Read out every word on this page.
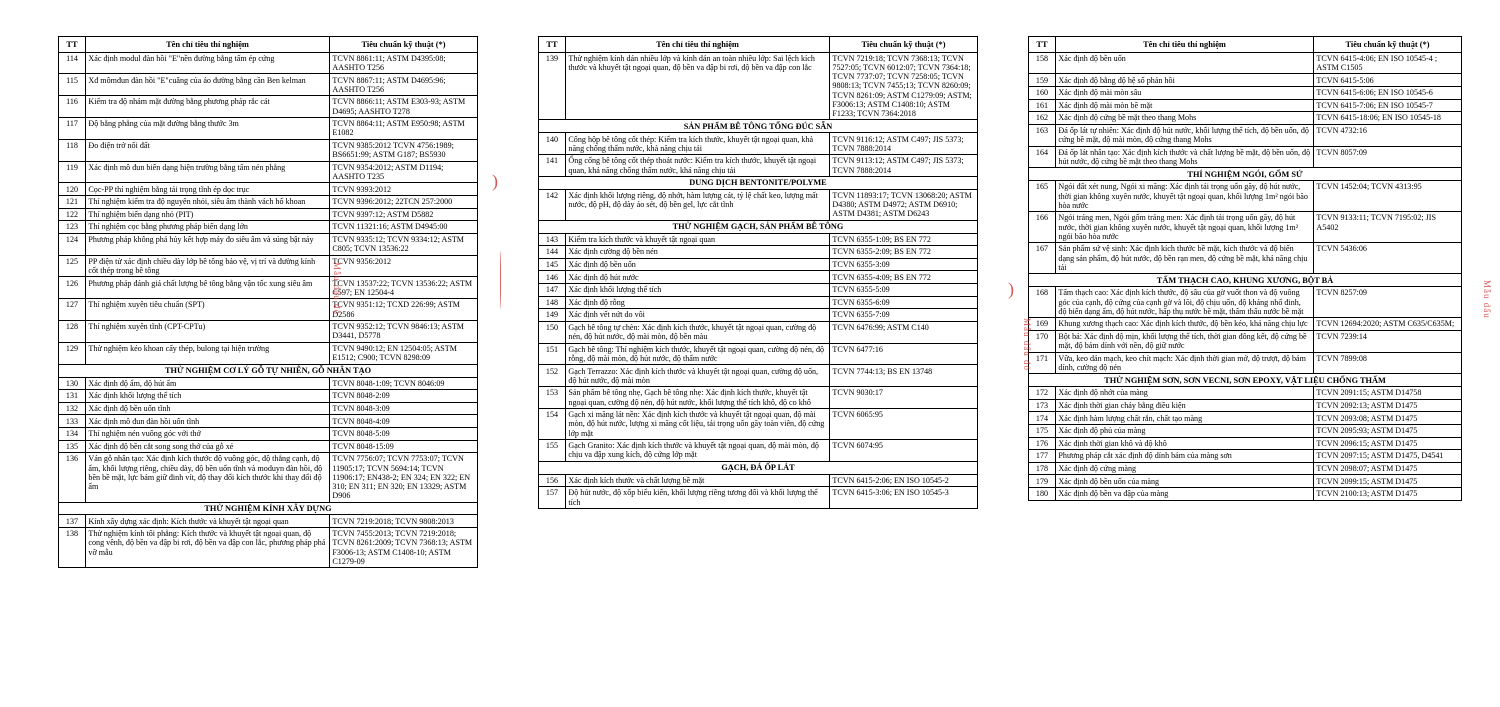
TT	Tên chỉ tiêu thí nghiệm	Tiêu chuẩn kỹ thuật (*)
114	Xác định modul đàn hồi "E"nền đường bằng tấm ép cứng	TCVN 8861:11; ASTM D4395:08; AASHTO T256
115	Xđ mômđun đàn hồi "E"cuǎng của áo đường bằng cần Ben kelman	TCVN 8867:11; ASTM D4695:96; AASHTO T256
116	Kiểm tra độ nhám mặt đường bằng phương pháp rắc cát	TCVN 8866:11; ASTM E303-93; ASTM D4695; AASHTO T278
117	Độ bằng phẳng của mặt đường bằng thước 3m	TCVN 8864:11; ASTM E950:98; ASTM E1082
118	Đo điện trở nối đất	TCVN 9385:2012 TCVN 4756:1989; BS6651:99; ASTM G187; BS5930
119	Xác định mô đun biến dạng hiện trường bằng tấm nén phẳng	TCVN 9354:2012; ASTM D1194; AASHTO T235
120	Cọc-PP thí nghiệm bằng tải trọng tĩnh ép dọc trục	TCVN 9393:2012
121	Thí nghiệm kiểm tra độ nguyên nhỏi, siêu âm thành vách hố khoan	TCVN 9396:2012; 22TCN 257:2000
122	Thí nghiệm biến dạng nhỏ (PIT)	TCVN 9397:12; ASTM D5882
123	Thí nghiệm cọc bằng phương pháp biến dạng lớn	TCVN 11321:16; ASTM D4945:00
124	Phương pháp không phá hủy kết hợp máy đo siêu âm và súng bật nảy	TCVN 9335:12; TCVN 9334:12; ASTM C805; TCVN 13536:22
125	PP điện tử xác định chiều dày lớp bê tông bảo vệ, vị trí và đường kính cốt thép trong bê tông	TCVN 9356:2012
126	Phương pháp đánh giá chất lượng bê tông bằng vận tốc xung siêu âm	TCVN 13537:22; TCVN 13536:22; ASTM C597; EN 12504-4
127	Thí nghiệm xuyên tiêu chuẩn (SPT)	TCVN 9351:12; TCXD 226:99; ASTM D2586
128	Thí nghiệm xuyên tĩnh (CPT-CPTu)	TCVN 9352:12; TCVN 9846:13; ASTM D3441, D5778
129	Thử nghiệm kéo khoan cấy thép, bulong tại hiện trường	TCVN 9490:12; EN 12504:05; ASTM E1512; C900; TCVN 8298:09
THỬ NGHIỆM CƠ LÝ GỖ TỰ NHIÊN, GỖ NHÂN TẠO		
130	Xác định độ ẩm, độ hút ẩm	TCVN 8048-1:09; TCVN 8046:09
131	Xác định khối lượng thể tích	TCVN 8048-2:09
132	Xác định độ bền uốn tĩnh	TCVN 8048-3:09
133	Xác định mô đun đàn hồi uốn tĩnh	TCVN 8048-4:09
134	Thí nghiệm nén vuông góc với thớ	TCVN 8048-5:09
135	Xác định độ bền cắt song song thớ của gỗ xẻ	TCVN 8048-15:09
136	Ván gỗ nhân tạo: Xác định kích thước độ vuông góc, độ thẳng cạnh, độ ẩm, khối lượng riêng, chiều dày, độ bền uốn tĩnh và moduyn đàn hồi, độ bền bề mặt, lực bám giữ đinh vít, độ thay đổi kích thước khi thay đổi độ ẩm	TCVN 7756:07; TCVN 7753:07; TCVN 11905:17; TCVN 5694:14; TCVN 11906:17; EN438-2; EN 324; EN 322; EN 310; EN 311; EN 320; EN 13329; ASTM D906
THỬ NGHIỆM KÍNH XÂY DỰNG		
137	Kính xây dựng xác định: Kích thước và khuyết tật ngoại quan	TCVN 7219:2018; TCVN 9808:2013
138	Thử nghiệm kính tôi phẳng: Kích thước và khuyết tật ngoại quan, độ cong vênh, độ bền va đập bi rơi, độ bền va đập con lắc, phương pháp phá vỡ mẫu	TCVN 7455:2013; TCVN 7219:2018; TCVN 8261:2009; TCVN 7368:13; ASTM F3006-13; ASTM C1408-10; ASTM C1279-09
TT	Tên chỉ tiêu thí nghiệm	Tiêu chuẩn kỹ thuật (*)
139	Thử nghiệm kính dán nhiều lớp và kính dán an toàn nhiều lớp: Sai lệch kích thước và khuyết tật ngoại quan, độ bền va đập bi rơi, độ bền va đập con lắc	TCVN 7219:18; TCVN 7368:13; TCVN 7527:05; TCVN 6012:07; TCVN 7364:18; TCVN 7737:07; TCVN 7258:05; TCVN 9808:13; TCVN 7455;13; TCVN 8260:09; TCVN 8261:09; ASTM C1279:09; ASTM; F3006:13; ASTM C1408:10; ASTM F1233; TCVN 7364:2018
SẢN PHẨM BÊ TÔNG TỔNG ĐÚC SẴN		
140	Cống hộp bê tông cốt thép: Kiểm tra kích thước, khuyết tật ngoại quan, khả năng chống thấm nước, khả năng chịu tải	TCVN 9116:12; ASTM C497; JIS 5373; TCVN 7888:2014
141	Ống cống bê tông cốt thép thoát nước: Kiểm tra kích thước, khuyết tật ngoại quan, khả năng chống thấm nước, khả năng chịu tải	TCVN 9113:12; ASTM C497; JIS 5373; TCVN 7888:2014
DUNG DỊCH BENTONITE/POLYME		
142	Xác định khối lượng riêng, độ nhớt, hàm lượng cát, tỷ lệ chất keo, lượng mất nước, độ pH, độ dày áo sét, độ bền gel, lực cắt tĩnh	TCVN 11893:17; TCVN 13068:20; ASTM D4380; ASTM D4972; ASTM D6910; ASTM D4381; ASTM D6243
THỬ NGHIỆM GẠCH, SẢN PHẨM BÊ TÔNG		
143	Kiểm tra kích thước và khuyết tật ngoại quan	TCVN 6355-1:09; BS EN 772
144	Xác định cường độ bền nén	TCVN 6355-2:09; BS EN 772
145	Xác định độ bền uốn	TCVN 6355-3:09
146	Xác định độ hút nước	TCVN 6355-4:09; BS EN 772
147	Xác định khối lượng thể tích	TCVN 6355-5:09
148	Xác định độ rỗng	TCVN 6355-6:09
149	Xác định vết nứt do vôi	TCVN 6355-7:09
150	Gạch bê tông tự chèn: Xác định kích thước, khuyết tật ngoại quan, cường độ nén, độ hút nước, độ mài mòn, độ bền màu	TCVN 6476:99; ASTM C140
151	Gạch bê tông: Thí nghiệm kích thước, khuyết tật ngoại quan, cường độ nén, độ rỗng, độ mài mòn, độ hút nước, độ thấm nước	TCVN 6477:16
152	Gạch Terrazzo: Xác định kích thước và khuyết tật ngoại quan, cường độ uốn, độ hút nước, độ mài mòn	TCVN 7744:13; BS EN 13748
153	Sản phẩm bê tông nhẹ, Gạch bê tông nhẹ: Xác định kích thước, khuyết tật ngoại quan, cường độ nén, độ hút nước, khối lượng thể tích khô, độ co khô	TCVN 9030:17
154	Gạch xi măng lát nền: Xác định kích thước và khuyết tật ngoại quan, độ mài mòn, độ hút nước, lượng xi măng cốt liệu, tải trọng uốn gãy toàn viên, độ cứng lớp mặt	TCVN 6065:95
155	Gạch Granito: Xác định kích thước và khuyết tật ngoại quan, độ mài mòn, độ chịu va đập xung kích, độ cứng lớp mặt	TCVN 6074:95
GẠCH, ĐÁ ỐP LÁT		
156	Xác định kích thước và chất lượng bề mặt	TCVN 6415-2:06; EN ISO 10545-2
157	Độ hút nước, độ xốp biểu kiến, khối lượng riêng tương đối và khối lượng thể tích	TCVN 6415-3:06; EN ISO 10545-3
TT	Tên chỉ tiêu thí nghiệm	Tiêu chuẩn kỹ thuật (*)
158	Xác định độ bền uốn	TCVN 6415-4:06; EN ISO 10545-4 ; ASTM C1505
159	Xác định độ bằng độ hệ số phản hồi	TCVN 6415-5:06
160	Xác định độ mài mòn sâu	TCVN 6415-6:06; EN ISO 10545-6
161	Xác định độ mài mòn bề mặt	TCVN 6415-7:06; EN ISO 10545-7
162	Xác định độ cứng bề mặt theo thang Mohs	TCVN 6415-18:06; EN ISO 10545-18
163	Đá ốp lát tự nhiên: Xác định độ hút nước, khối lượng thể tích, độ bền uốn, độ cứng bề mặt, độ mài mòn, độ cứng thang Mohs	TCVN 4732:16
164	Đá ốp lát nhân tạo: Xác định kích thước và chất lượng bề mặt, độ bền uốn, độ hút nước, độ cứng bề mặt theo thang Mohs	TCVN 8057:09
THÍ NGHIỆM NGÓI, GỐM SỨ		
165	Ngói đất xét nung, Ngói xi măng: Xác định tải trọng uốn gãy, độ hút nước, thời gian không xuyên nước, khuyết tật ngoại quan, khối lượng 1m² ngói bão hòa nước	TCVN 1452:04; TCVN 4313:95
166	Ngói tráng men, Ngói gốm tráng men: Xác định tải trọng uốn gãy, độ hút nước, thời gian không xuyên nước, khuyết tật ngoại quan, khối lượng 1m² ngói bão hòa nước	TCVN 9133:11; TCVN 7195:02; JIS A5402
167	Sản phẩm sứ vệ sinh: Xác định kích thước bề mặt, kích thước và độ biến dạng sản phẩm, độ hút nước, độ bền rạn men, độ cứng bề mặt, khả năng chịu tải	TCVN 5436:06
TẤM THẠCH CAO, KHUNG XƯƠNG, BỘT BẢ		
168	Tấm thạch cao: Xác định kích thước, độ sâu của gờ vuốt thon và độ vuông góc của cạnh, độ cứng của cạnh gờ và lõi, độ chịu uốn, độ kháng nhổ đinh, độ biến dạng ẩm, độ hút nước, hấp thụ nước bề mặt, thấm thấu nước bề mặt	TCVN 8257:09
169	Khung xương thạch cao: Xác định kích thước, độ bền kéo, khả năng chịu lực	TCVN 12694:2020; ASTM C635/C635M;
170	Bột bả: Xác định độ mịn, khối lượng thể tích, thời gian đông kết, độ cứng bề mặt, độ bám dính với nền, độ giữ nước	TCVN 7239:14
171	Vữa, keo dán mạch, keo chít mạch: Xác định thời gian mở, độ trượt, độ bám dính, cường độ nén	TCVN 7899:08
THỬ NGHIỆM SƠN, SƠN VECNI, SƠN EPOXY, VẬT LIỆU CHỐNG THẤM		
172	Xác định độ nhớt của màng	TCVN 2091:15; ASTM D14758
173	Xác định thời gian cháy bằng điều kiện	TCVN 2092:13; ASTM D1475
174	Xác định hàm lượng chất rắn, chất tạo màng	TCVN 2093:08; ASTM D1475
175	Xác định độ phủ của màng	TCVN 2095:93; ASTM D1475
176	Xác định thời gian khô và độ khô	TCVN 2096:15; ASTM D1475
177	Phương pháp cắt xác định độ dính bám của màng sơn	TCVN 2097:15; ASTM D1475, D4541
178	Xác định độ cứng màng	TCVN 2098:07; ASTM D1475
179	Xác định độ bền uốn của màng	TCVN 2099:15; ASTM D1475
180	Xác định độ bền va đập của màng	TCVN 2100:13; ASTM D1475
)
Mẫu dấu đỏ	)
Mẫu dấu đỏ
Mẫu dấu
